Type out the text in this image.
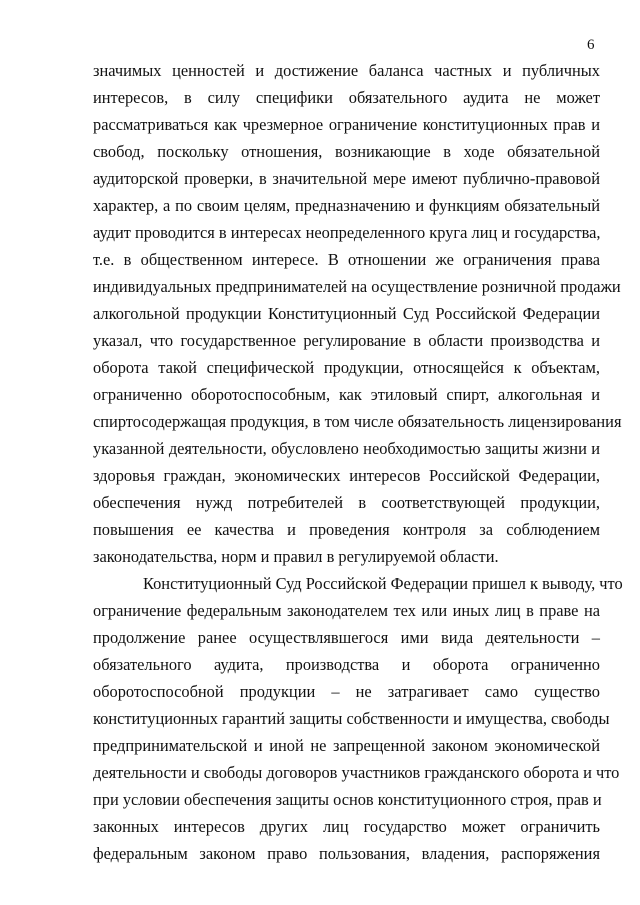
6
значимых ценностей и достижение баланса частных и публичных
интересов, в силу специфики обязательного аудита не может
рассматриваться как чрезмерное ограничение конституционных прав и
свобод, поскольку отношения, возникающие в ходе обязательной
аудиторской проверки, в значительной мере имеют публично-правовой
характер, а по своим целям, предназначению и функциям обязательный
аудит проводится в интересах неопределенного круга лиц и государства,
т.е. в общественном интересе. В отношении же ограничения права
индивидуальных предпринимателей на осуществление розничной продажи
алкогольной продукции Конституционный Суд Российской Федерации
указал, что государственное регулирование в области производства и
оборота такой специфической продукции, относящейся к объектам,
ограниченно оборотоспособным, как этиловый спирт, алкогольная и
спиртосодержащая продукция, в том числе обязательность лицензирования
указанной деятельности, обусловлено необходимостью защиты жизни и
здоровья граждан, экономических интересов Российской Федерации,
обеспечения нужд потребителей в соответствующей продукции,
повышения ее качества и проведения контроля за соблюдением
законодательства, норм и правил в регулируемой области.
Конституционный Суд Российской Федерации пришел к выводу, что
ограничение федеральным законодателем тех или иных лиц в праве на
продолжение ранее осуществлявшегося ими вида деятельности –
обязательного аудита, производства и оборота ограниченно
оборотоспособной продукции – не затрагивает само существо
конституционных гарантий защиты собственности и имущества, свободы
предпринимательской и иной не запрещенной законом экономической
деятельности и свободы договоров участников гражданского оборота и что
при условии обеспечения защиты основ конституционного строя, прав и
законных интересов других лиц государство может ограничить
федеральным законом право пользования, владения, распоряжения
